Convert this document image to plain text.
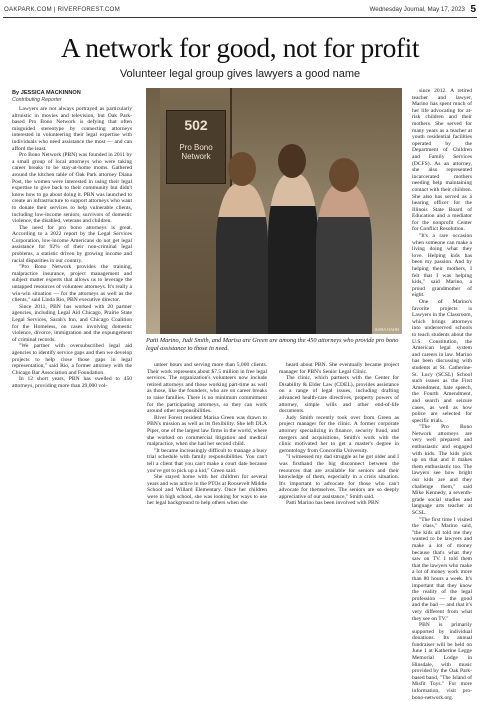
OAKPARK.COM | RIVERFOREST.COM	Wednesday Journal, May 17, 2023 5
A network for good, not for profit
Volunteer legal group gives lawyers a good name
By JESSICA MACKINNON
Contributing Reporter

Lawyers are not always portrayed as particularly altruistic in movies and television, but Oak Park-based Pro Bono Network is defying that often misguided stereotype by connecting attorneys interested in volunteering their legal expertise with individuals who need assistance the most — and can afford the least.

Pro Bono Network (PBN) was founded in 2011 by a small group of local attorneys who were taking career breaks to be stay-at-home moms. Gathered around the kitchen table of Oak Park attorney Diana Post, the women were interested in using their legal expertise to give back to their community but didn't know how to go about doing it. PBN was launched to create an infrastructure to support attorneys who want to donate their services to help vulnerable clients, including low-income seniors, survivors of domestic violence, the disabled, veterans and children.

The need for pro bono attorneys is great. According to a 2022 report by the Legal Services Corporation, low-income Americans do not get legal assistance for 92% of their non-criminal legal problems, a statistic driven by growing income and racial disparities in our country.

"Pro Bono Network provides the training, malpractice insurance, project management and subject matter experts that allows us to leverage the untapped resources of volunteer attorneys. It's really a win-win situation — for the attorneys as well as the clients," said Linda Rio, PBN executive director.

Since 2011, PBN has worked with 20 partner agencies, including Legal Aid Chicago, Prairie State Legal Services, Sarah's Inn, and Chicago Coalition for the Homeless, on cases involving domestic violence, divorce, immigration and the expungement of criminal records.

"We partner with oversubscribed legal aid agencies to identify service gaps and then we develop projects to help close those gaps in legal representation," said Rio, a former attorney with the Chicago Bar Association and Foundation.

In 12 short years, PBN has swelled to 450 attorneys, providing more than 29,000 vol-

502
Pro Bono
Network
SARA HAHN
Patti Marino, Judi Smith, and Marisa are Green are among the 450 attorneys who provide pro bono legal assistance to those in need.

unteer hours and serving more than 5,000 clients. Their work represents about $7.5 million in free legal services. The organization's volunteers now include retired attorneys and those working part-time as well as those, like the founders, who are on career breaks to raise families. There is no minimum commitment for the participating attorneys, so they can work around other responsibilities.

River Forest resident Marisa Green was drawn to PBN's mission as well as its flexibility. She left DLA Piper, one of the largest law firms in the world, where she worked on commercial litigation and medical malpractice, when she had her second child.

"It became increasingly difficult to manage a busy trial schedule with family responsibilities. You can't tell a client that you can't make a court date because you've got to pick up a kid," Green said.

She stayed home with her children for several years and was active in the PTOs at Roosevelt Middle School and Willard Elementary. Once her children were in high school, she was looking for ways to use her legal background to help others when she

heard about PBN. She eventually became project manager for PBN's Senior Legal Clinic.

The clinic, which partners with the Center for Disability & Elder Law (CDEL), provides assistance on a range of legal issues, including drafting advanced health-care directives, property powers of attorney, simple wills and other end-of-life documents.

Judy Smith recently took over from Green as project manager for the clinic. A former corporate attorney specializing in finance, security fraud, and mergers and acquisitions, Smith's work with the clinic motivated her to get a master's degree in gerontology from Concordia University.

"I witnessed my dad struggle as he got older and I was firsthand the big disconnect between the resources that are available for seniors and their knowledge of them, especially in a crisis situation. It's important to advocate for those who can't advocate for themselves. The seniors are so deeply appreciative of our assistance," Smith said.

Patti Marino has been involved with PBN

since 2012. A retired teacher and lawyer, Marino has spent much of her life advocating for at-risk children and their mothers. She served for many years as a teacher at youth residential facilities operated by the Department of Children and Family Services (DCFS). As an attorney, she also represented incarcerated mothers needing help maintaining contact with their children. She also has served as a hearing officer for the Illinois State Board of Education and a mediator for the nonprofit Center for Conflict Resolution.

"It's a rare occasion when someone can make a living doing what they love. Helping kids has been my passion. And by helping their mothers, I felt that I was helping kids," said Marino, a proud grandmother of eight.

One of Marino's favorite projects is Lawyers in the Classroom, which brings attorneys into underserved schools to teach students about the U.S. Constitution, the American legal system and careers in law. Marino has been discussing with students at St. Catherine-St. Lucy (SCSL) School such issues as the First Amendment, hate speech, the Fourth Amendment, and search and seizure cases, as well as how police are selected for specific trials.

"The Pro Bono Network attorneys are very well prepared and enthusiastic and engaged with kids. The kids pick up on that and it makes them enthusiastic too. The lawyers see how bright our kids are and they challenge them," said Mike Kennedy, a seventh-grade social studies and language arts teacher at SCSL.

"The first time I visited the class," Marino said, "the kids all told me they wanted to be lawyers and make a lot of money because that's what they saw on TV. I told them that the lawyers who make a lot of money work more than 80 hours a week. It's important that they know the reality of the legal profession — the good and the bad — and that it's very different from what they see on TV."

PBN is primarily supported by individual donations. Its annual fundraiser will be held on June 1 at Katherine Legge Memorial Lodge in Hinsdale, with music provided by the Oak Park-based band, "The Island of Misfit Toys." For more information, visit pro-bono-network.org.
